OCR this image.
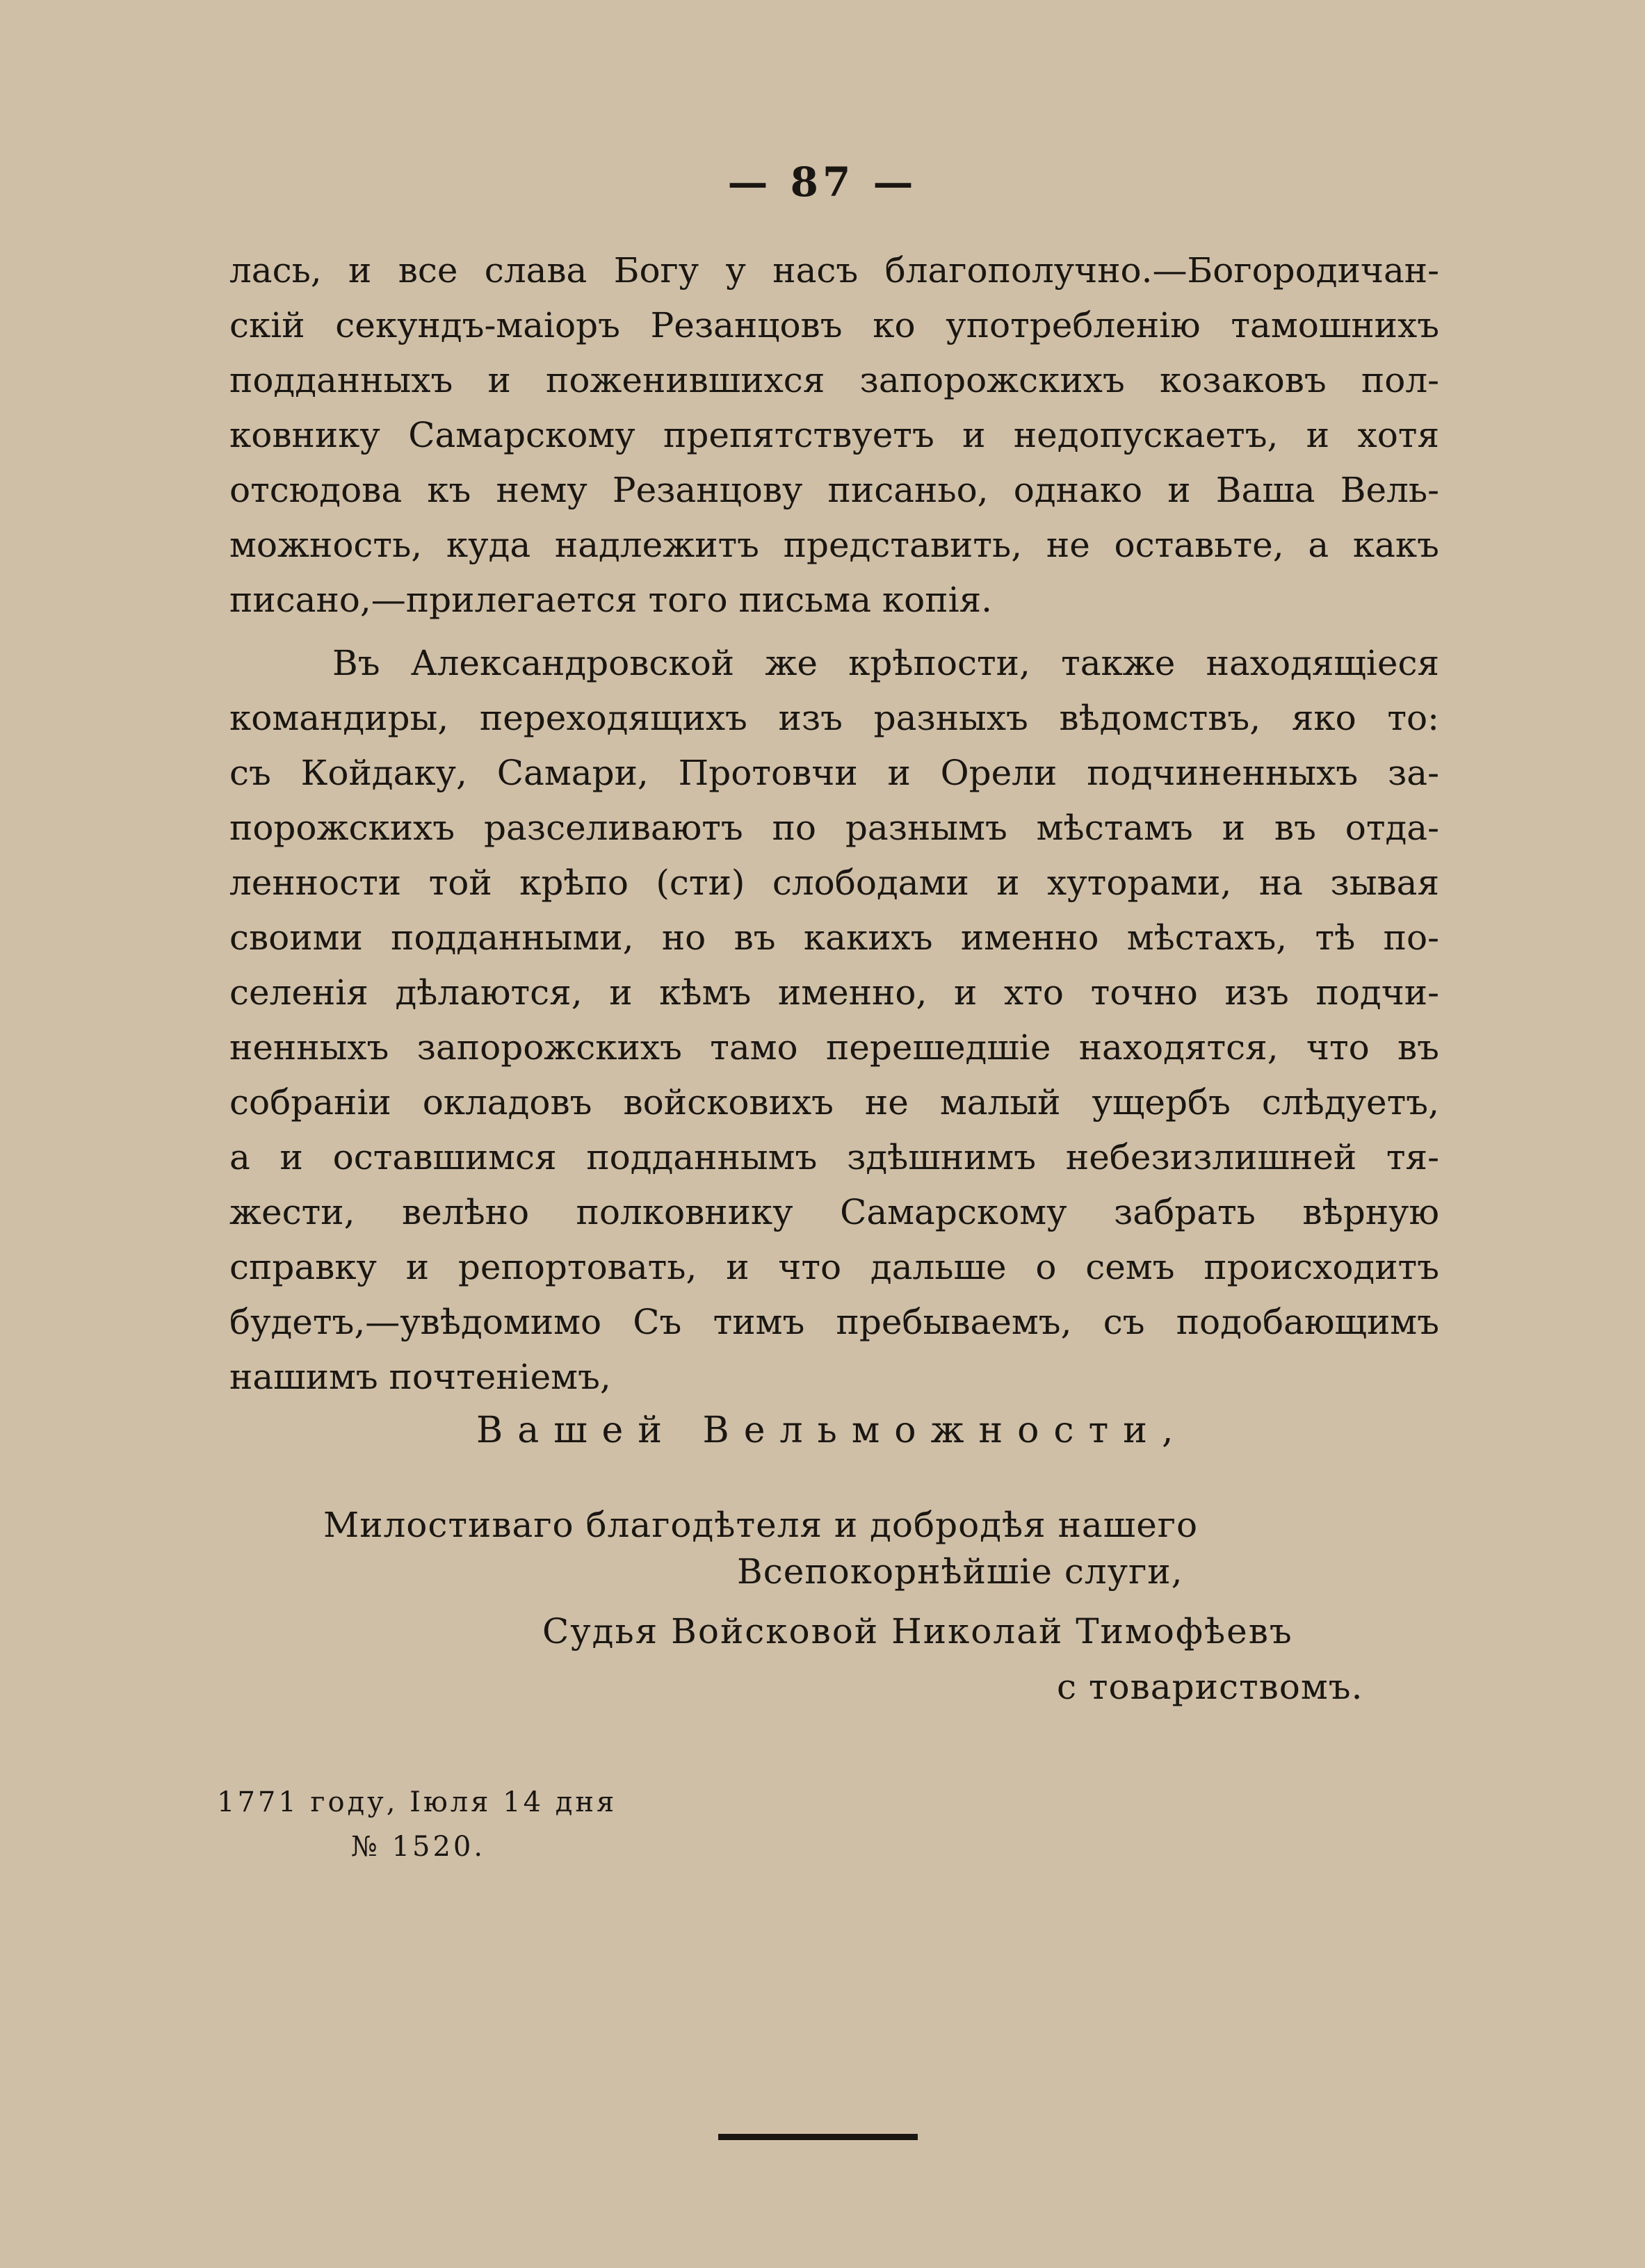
— 87 —
лась, и все слава Богу у насъ благополучно.—Богородичан-
скій секундъ-маіоръ Резанцовъ ко употребленію тамошнихъ
подданныхъ и поженившихся запорожскихъ козаковъ пол-
ковнику Самарскому препятствуетъ и недопускаетъ, и хотя
отсюдова къ нему Резанцову писаньо, однако и Ваша Вель-
можность, куда надлежитъ представить, не оставьте, а какъ
писано,—прилегается того письма копія.
Въ Александровской же крѣпости, также находящіеся
командиры, переходящихъ изъ разныхъ вѣдомствъ, яко то:
съ Койдаку, Самари, Протовчи и Орели подчиненныхъ за-
порожскихъ разселиваютъ по разнымъ мѣстамъ и въ отда-
ленности той крѣпо (сти) слободами и хуторами, на зывая
своими подданными, но въ какихъ именно мѣстахъ, тѣ по-
селенія дѣлаются, и кѣмъ именно, и хто точно изъ подчи-
ненныхъ запорожскихъ тамо перешедшіе находятся, что въ
собраніи окладовъ войсковихъ не малый ущербъ слѣдуетъ,
а и оставшимся подданнымъ здѣшнимъ небезизлишней тя-
жести, велѣно полковнику Самарскому забрать вѣрную
справку и репортовать, и что дальше о семъ происходитъ
будетъ,—увѣдомимо Съ тимъ пребываемъ, съ подобающимъ
нашимъ почтеніемъ,
Вашей Вельможности,
Милостиваго благодѣтеля и добродѣя нашего
Всепокорнѣйшіе слуги,
Судья Войсковой Николай Тимофѣевъ
с товариствомъ.
1771 году, Іюля 14 дня
№ 1520.
